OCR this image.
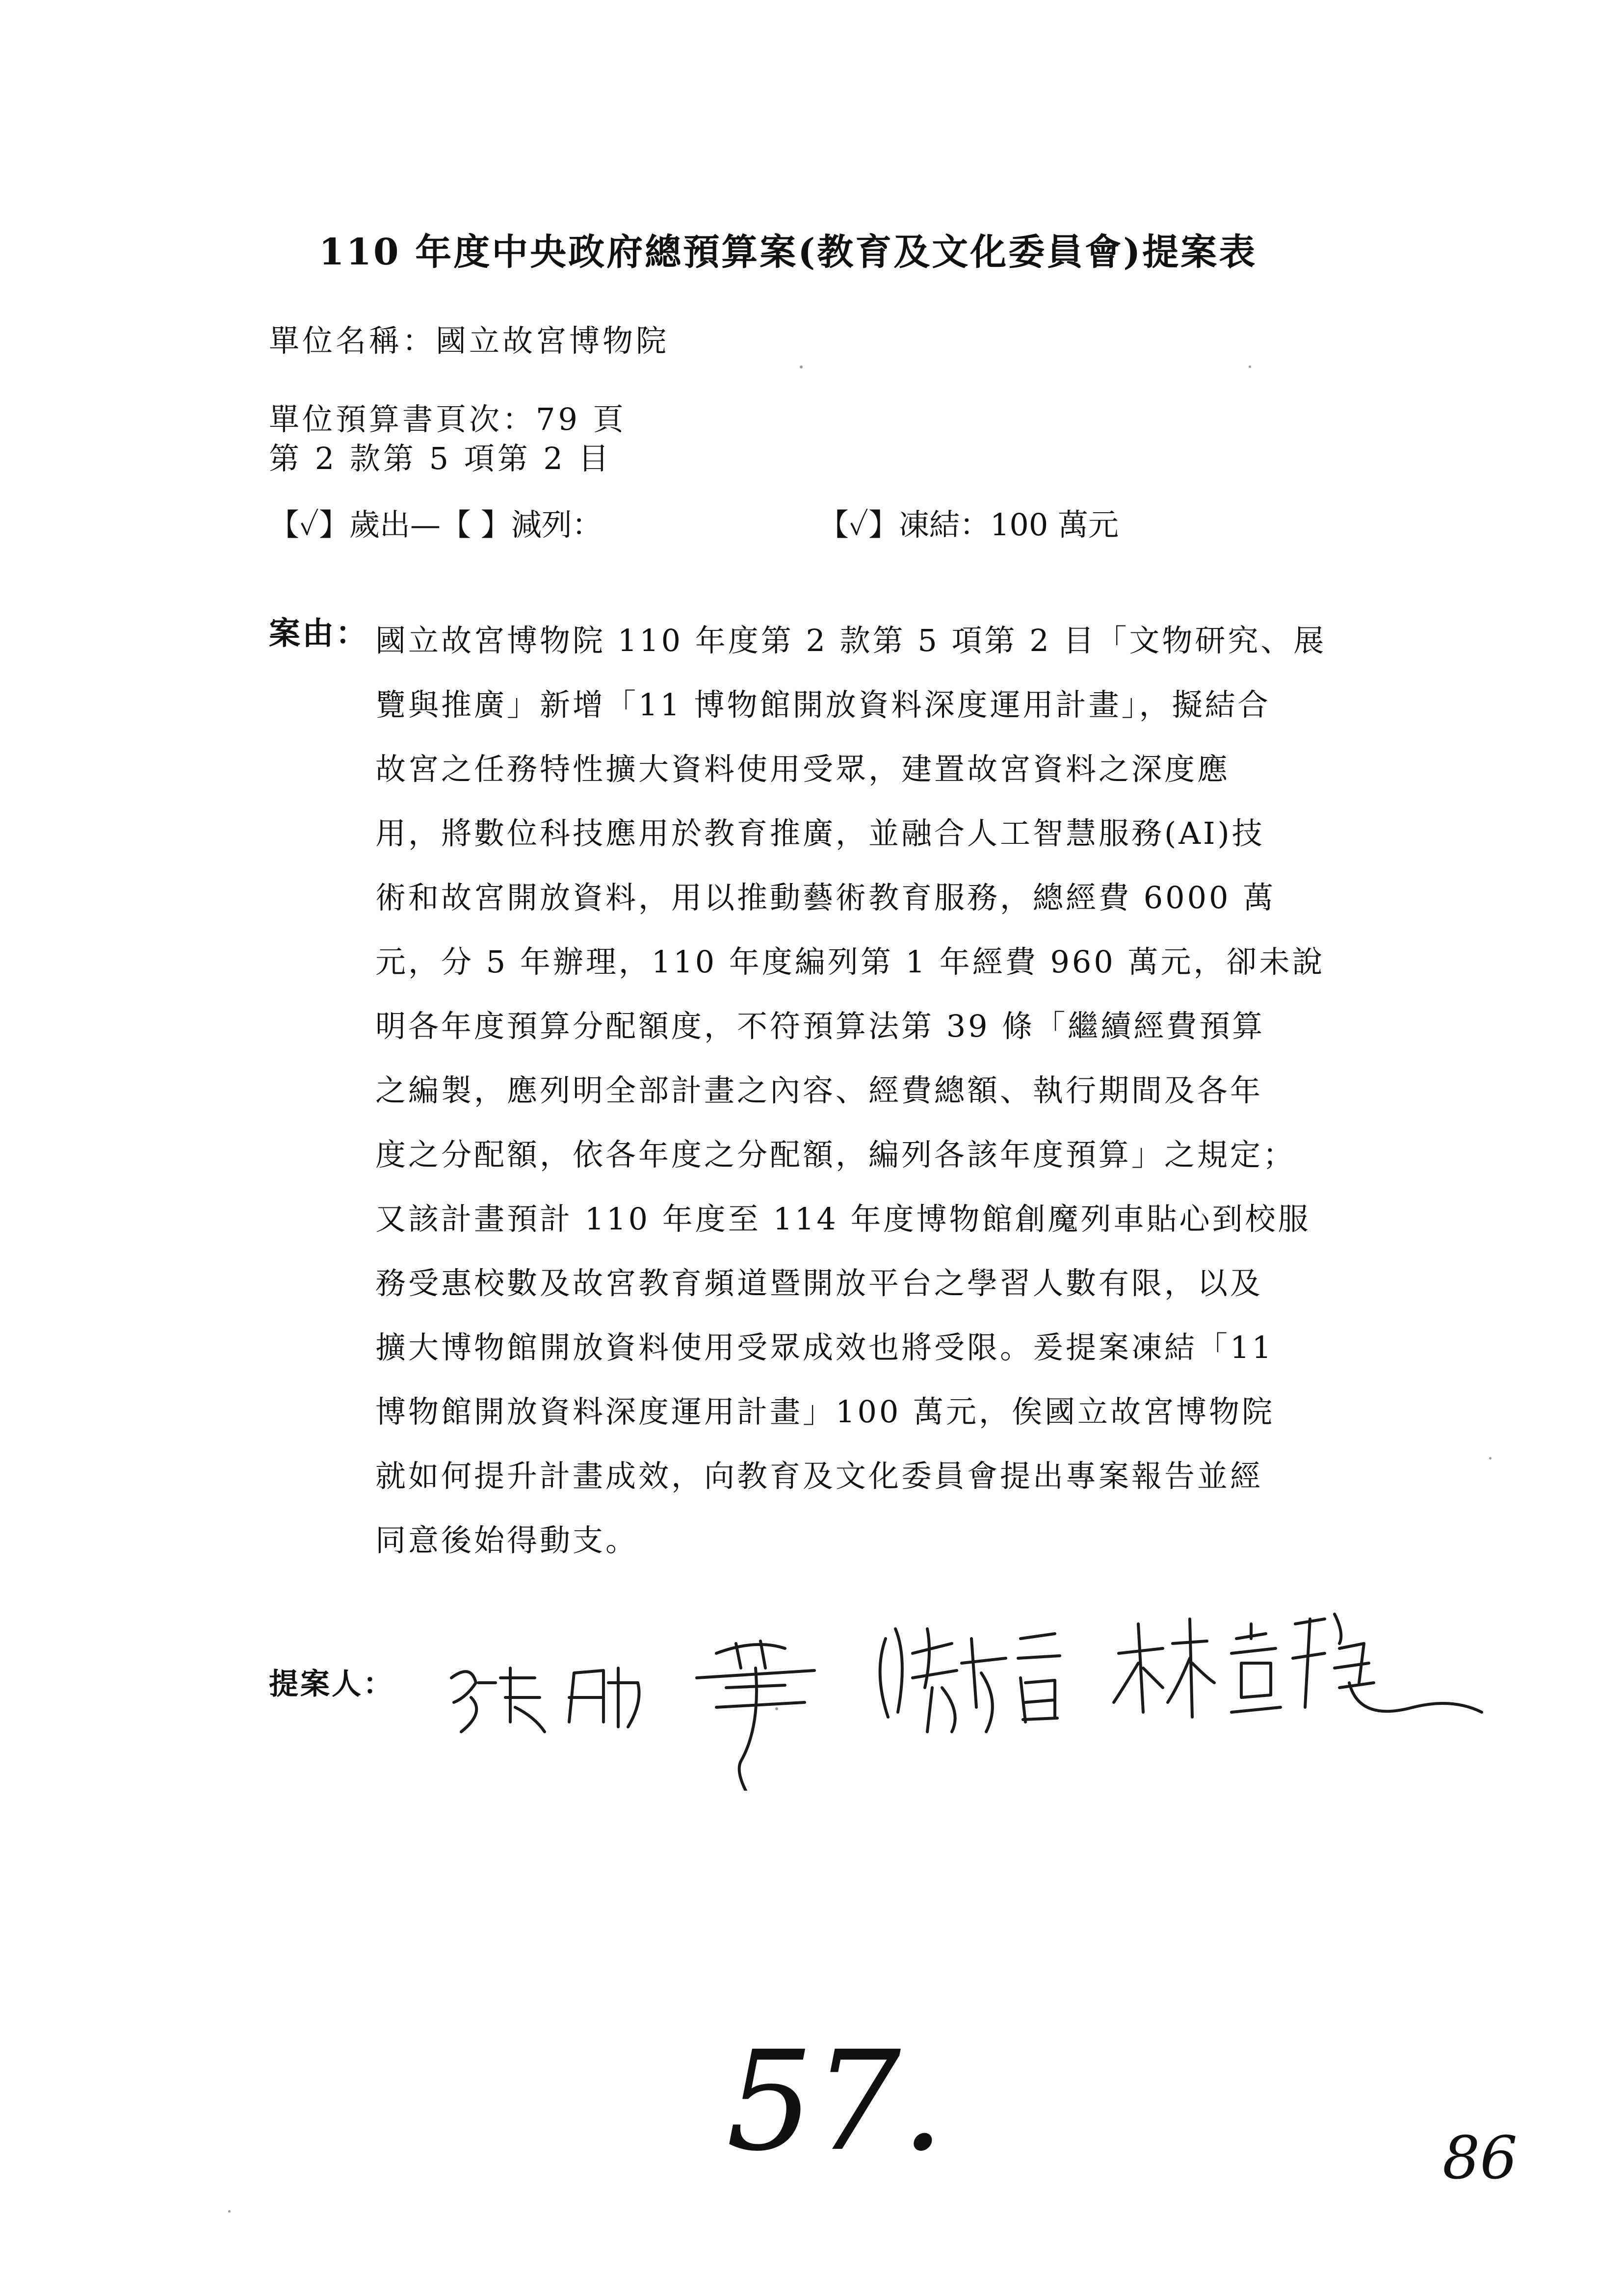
110 年度中央政府總預算案(教育及文化委員會)提案表
單位名稱：國立故宮博物院
單位預算書頁次：79 頁
第 2 款第 5 項第 2 目
【✓】歲出—【 】減列：	【✓】凍結：100 萬元
案由： 國立故宮博物院 110 年度第 2 款第 5 項第 2 目「文物研究、展
覽與推廣」新增「11 博物館開放資料深度運用計畫」，擬結合
故宮之任務特性擴大資料使用受眾，建置故宮資料之深度應
用，將數位科技應用於教育推廣，並融合人工智慧服務(AI)技
術和故宮開放資料，用以推動藝術教育服務，總經費 6000 萬
元，分 5 年辦理，110 年度編列第 1 年經費 960 萬元，卻未說
明各年度預算分配額度，不符預算法第 39 條「繼續經費預算
之編製，應列明全部計畫之內容、經費總額、執行期間及各年
度之分配額，依各年度之分配額，編列各該年度預算」之規定；
又該計畫預計 110 年度至 114 年度博物館創魔列車貼心到校服
務受惠校數及故宮教育頻道暨開放平台之學習人數有限，以及
擴大博物館開放資料使用受眾成效也將受限。爰提案凍結「11
博物館開放資料深度運用計畫」100 萬元，俟國立故宮博物院
就如何提升計畫成效，向教育及文化委員會提出專案報告並經
同意後始得動支。
提案人：
57.	86
